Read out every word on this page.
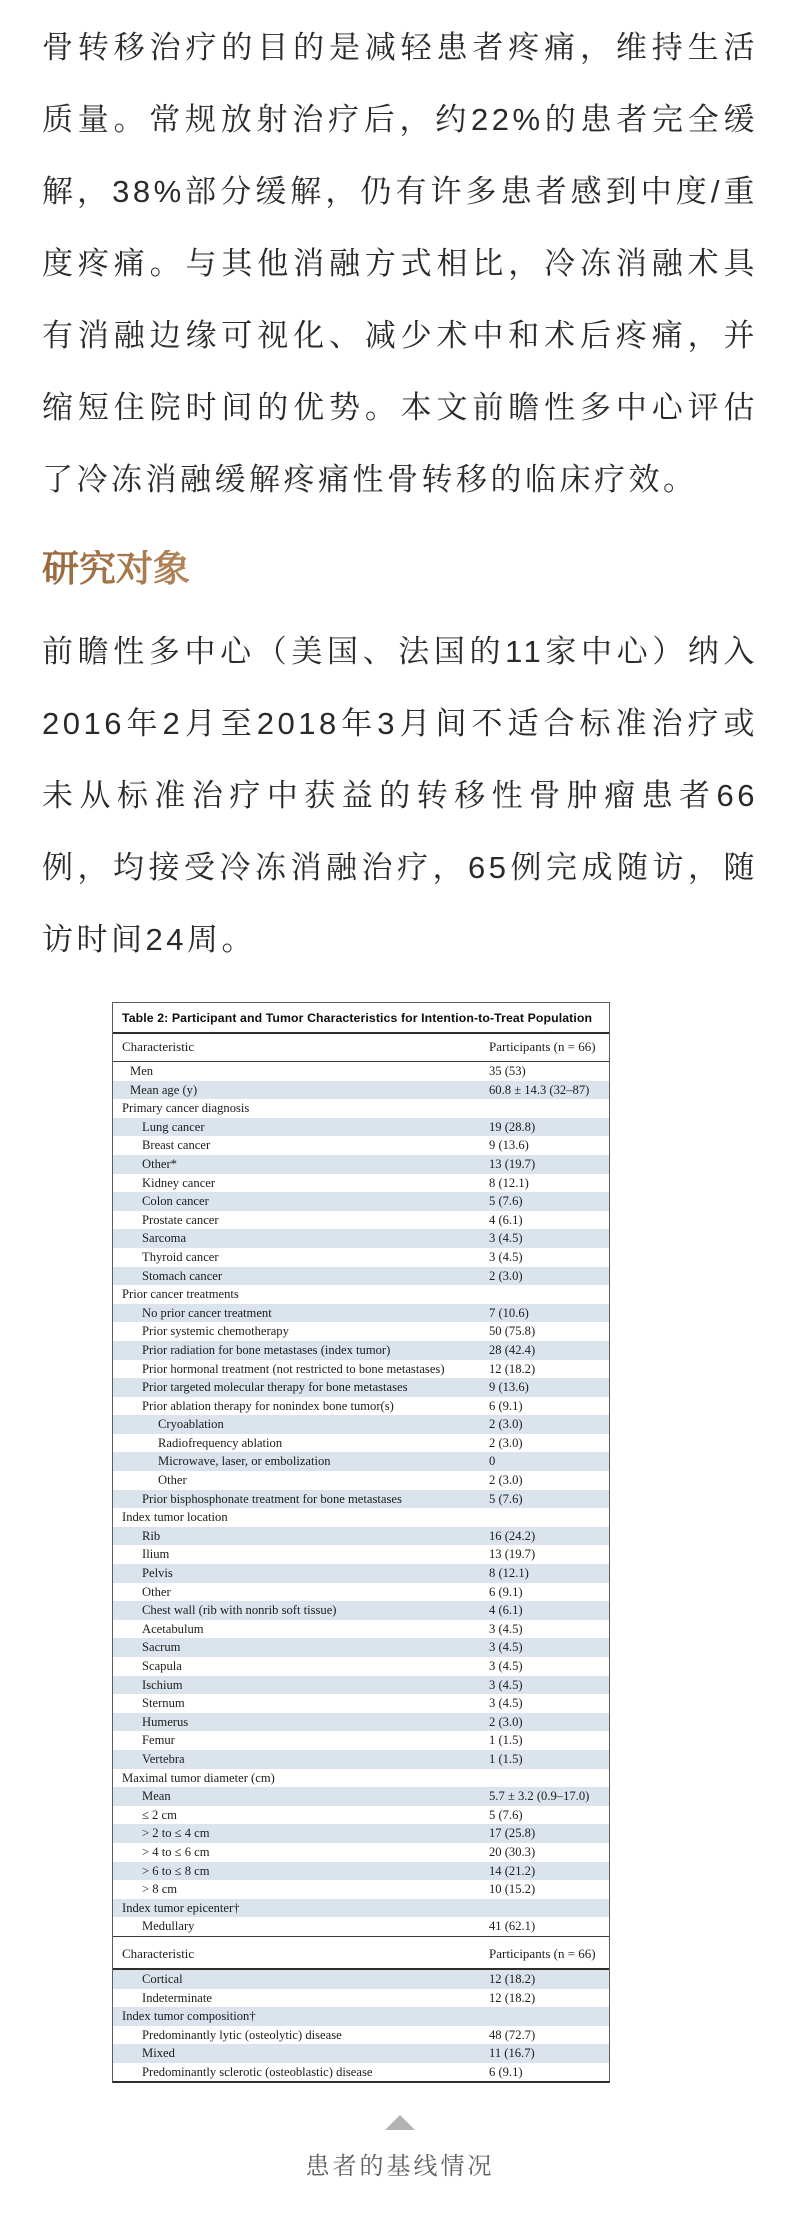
骨转移治疗的目的是减轻患者疼痛，维持生活质量。常规放射治疗后，约22%的患者完全缓解，38%部分缓解，仍有许多患者感到中度/重度疼痛。与其他消融方式相比，冷冻消融术具有消融边缘可视化、减少术中和术后疼痛，并缩短住院时间的优势。本文前瞻性多中心评估了冷冻消融缓解疼痛性骨转移的临床疗效。

研究对象

前瞻性多中心（美国、法国的11家中心）纳入2016年2月至2018年3月间不适合标准治疗或未从标准治疗中获益的转移性骨肿瘤患者66例，均接受冷冻消融治疗，65例完成随访，随访时间24周。

Table 2: Participant and Tumor Characteristics for Intention-to-Treat Population
Characteristic	Participants (n = 66)
Men	35 (53)
Mean age (y)	60.8 ± 14.3 (32–87)
Primary cancer diagnosis
Lung cancer	19 (28.8)
Breast cancer	9 (13.6)
Other*	13 (19.7)
Kidney cancer	8 (12.1)
Colon cancer	5 (7.6)
Prostate cancer	4 (6.1)
Sarcoma	3 (4.5)
Thyroid cancer	3 (4.5)
Stomach cancer	2 (3.0)
Prior cancer treatments
No prior cancer treatment	7 (10.6)
Prior systemic chemotherapy	50 (75.8)
Prior radiation for bone metastases (index tumor)	28 (42.4)
Prior hormonal treatment (not restricted to bone metastases)	12 (18.2)
Prior targeted molecular therapy for bone metastases	9 (13.6)
Prior ablation therapy for nonindex bone tumor(s)	6 (9.1)
Cryoablation	2 (3.0)
Radiofrequency ablation	2 (3.0)
Microwave, laser, or embolization	0
Other	2 (3.0)
Prior bisphosphonate treatment for bone metastases	5 (7.6)
Index tumor location
Rib	16 (24.2)
Ilium	13 (19.7)
Pelvis	8 (12.1)
Other	6 (9.1)
Chest wall (rib with nonrib soft tissue)	4 (6.1)
Acetabulum	3 (4.5)
Sacrum	3 (4.5)
Scapula	3 (4.5)
Ischium	3 (4.5)
Sternum	3 (4.5)
Humerus	2 (3.0)
Femur	1 (1.5)
Vertebra	1 (1.5)
Maximal tumor diameter (cm)
Mean	5.7 ± 3.2 (0.9–17.0)
≤ 2 cm	5 (7.6)
> 2 to ≤ 4 cm	17 (25.8)
> 4 to ≤ 6 cm	20 (30.3)
> 6 to ≤ 8 cm	14 (21.2)
> 8 cm	10 (15.2)
Index tumor epicenter†
Medullary	41 (62.1)
Characteristic	Participants (n = 66)
Cortical	12 (18.2)
Indeterminate	12 (18.2)
Index tumor composition†
Predominantly lytic (osteolytic) disease	48 (72.7)
Mixed	11 (16.7)
Predominantly sclerotic (osteoblastic) disease	6 (9.1)
患者的基线情况
